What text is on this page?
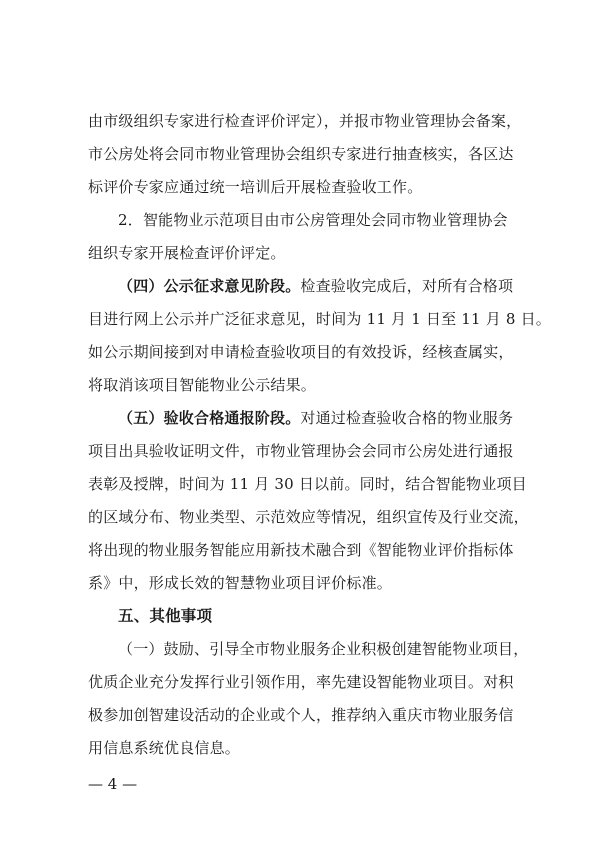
由市级组织专家进行检查评价评定），并报市物业管理协会备案，
市公房处将会同市物业管理协会组织专家进行抽查核实，各区达
标评价专家应通过统一培训后开展检查验收工作。
2．智能物业示范项目由市公房管理处会同市物业管理协会
组织专家开展检查评价评定。
（四）公示征求意见阶段。检查验收完成后，对所有合格项
目进行网上公示并广泛征求意见，时间为 11 月 1 日至 11 月 8 日。
如公示期间接到对申请检查验收项目的有效投诉，经核查属实，
将取消该项目智能物业公示结果。
（五）验收合格通报阶段。对通过检查验收合格的物业服务
项目出具验收证明文件，市物业管理协会会同市公房处进行通报
表彰及授牌，时间为 11 月 30 日以前。同时，结合智能物业项目
的区域分布、物业类型、示范效应等情况，组织宣传及行业交流，
将出现的物业服务智能应用新技术融合到《智能物业评价指标体
系》中，形成长效的智慧物业项目评价标准。
五、其他事项
（一）鼓励、引导全市物业服务企业积极创建智能物业项目，
优质企业充分发挥行业引领作用，率先建设智能物业项目。对积
极参加创智建设活动的企业或个人，推荐纳入重庆市物业服务信
用信息系统优良信息。
— 4 —
